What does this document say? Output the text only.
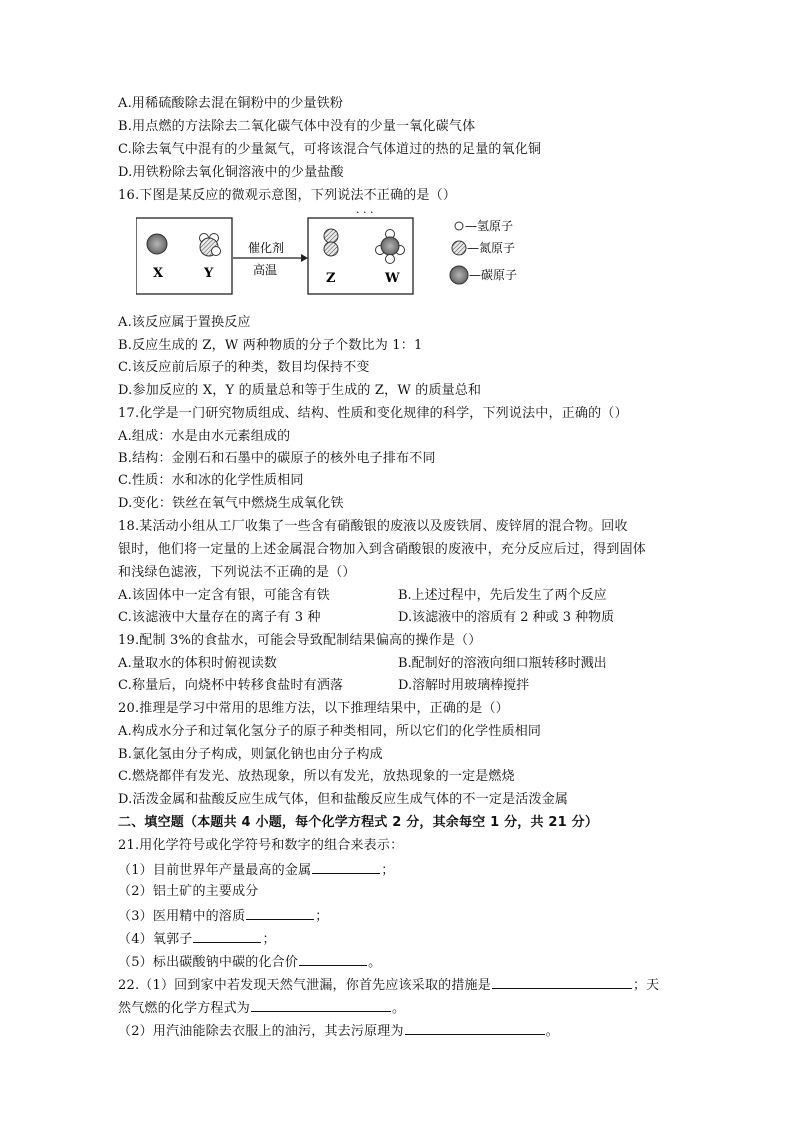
A.用稀硫酸除去混在铜粉中的少量铁粉
B.用点燃的方法除去二氧化碳气体中没有的少量一氧化碳气体
C.除去氧气中混有的少量氮气，可将该混合气体道过的热的足量的氧化铜
D.用铁粉除去氧化铜溶液中的少量盐酸
16.下图是某反应的微观示意图，下列说法不正确的是（）
X	Y
催化剂
高温
· · ·
Z	W
—氢原子
—氮原子
—碳原子
A.该反应属于置换反应
B.反应生成的 Z，W 两种物质的分子个数比为 1：1
C.该反应前后原子的种类，数目均保持不变
D.参加反应的 X，Y 的质量总和等于生成的 Z，W 的质量总和
17.化学是一门研究物质组成、结构、性质和变化规律的科学，下列说法中，正确的（）
A.组成：水是由水元素组成的
B.结构：金刚石和石墨中的碳原子的核外电子排布不同
C.性质：水和冰的化学性质相同
D.变化：铁丝在氧气中燃烧生成氧化铁
18.某活动小组从工厂收集了一些含有硝酸银的废液以及废铁屑、废锌屑的混合物。回收
银时，他们将一定量的上述金属混合物加入到含硝酸银的废液中，充分反应后过，得到固体
和浅绿色滤液，下列说法不正确的是（）
A.该固体中一定含有银，可能含有铁	B.上述过程中，先后发生了两个反应
C.该滤液中大量存在的离子有 3 种	D.该滤液中的溶质有 2 种或 3 种物质
19.配制 3%的食盐水，可能会导致配制结果偏高的操作是（）
A.量取水的体积时俯视读数	B.配制好的溶液向细口瓶转移时溅出
C.称量后，向烧杯中转移食盐时有洒落	D.溶解时用玻璃棒搅拌
20.推理是学习中常用的思维方法，以下推理结果中，正确的是（）
A.构成水分子和过氧化氢分子的原子种类相同，所以它们的化学性质相同
B.氯化氢由分子构成，则氯化钠也由分子构成
C.燃烧都伴有发光、放热现象，所以有发光，放热现象的一定是燃烧
D.活泼金属和盐酸反应生成气体，但和盐酸反应生成气体的不一定是活泼金属
二、填空题（本题共 4 小题，每个化学方程式 2 分，其余每空 1 分，共 21 分）
21.用化学符号或化学符号和数字的组合来表示：
（1）目前世界年产量最高的金属	；
（2）铝土矿的主要成分
（3）医用精中的溶质	；
（4）氧郭子	；
（5）标出碳酸钠中碳的化合价	。
22.（1）回到家中若发现天然气泄漏，你首先应该采取的措施是	；天
然气燃的化学方程式为	。
（2）用汽油能除去衣服上的油污，其去污原理为	。
